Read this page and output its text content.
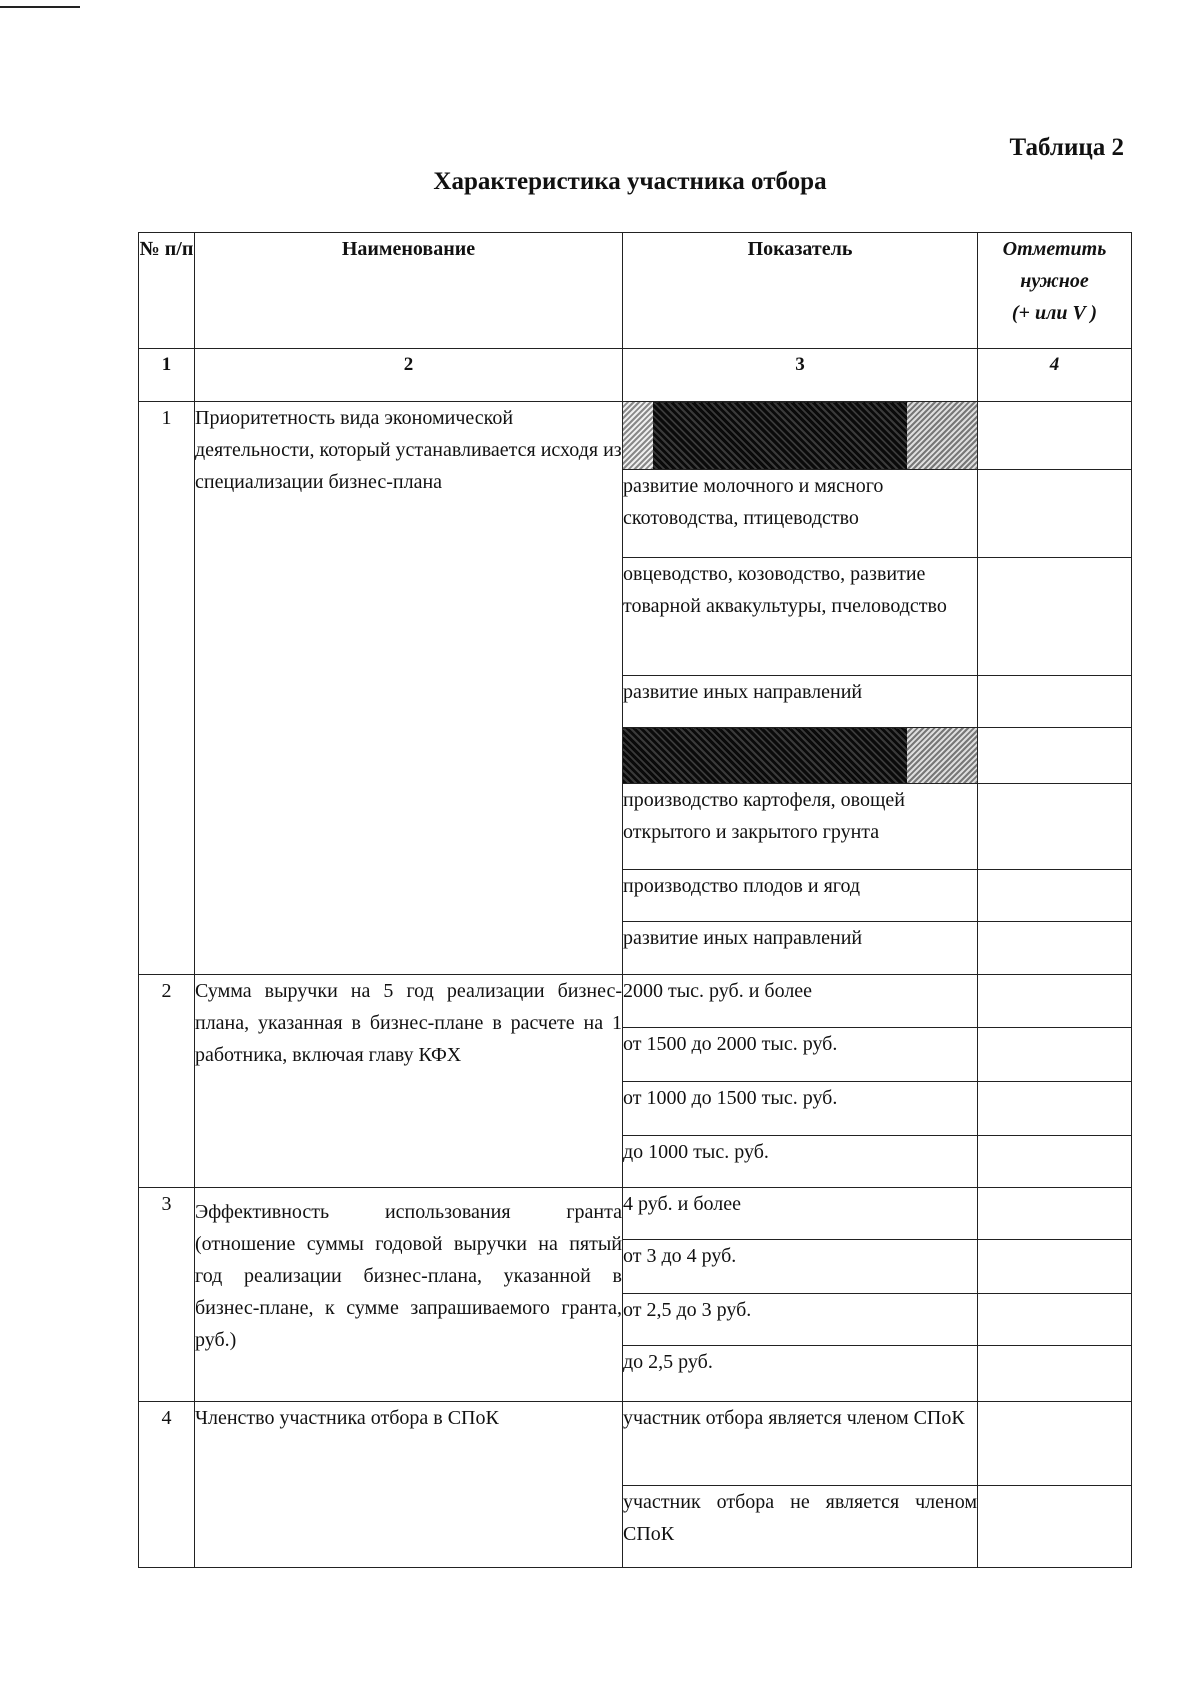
Таблица 2
Характеристика участника отбора
№ п/п	Наименование	Показатель	Отметить
нужное
(+ или V )

1	2	3	4
1	Приоритетность вида экономической деятельности, который устанавливается исходя из специализации бизнес-плана	

		развитие молочного и мясного скотоводства, птицеводство	
		овцеводство, козоводство, развитие товарной аквакультуры, пчеловодство	
		развитие иных направлений	

		производство картофеля, овощей открытого и закрытого грунта	
		производство плодов и ягод	
		развитие иных направлений	
2	Сумма выручки на 5 год реализации бизнес-плана, указанная в бизнес-плане в расчете на 1 работника, включая главу КФХ	2000 тыс. руб. и более	
		от 1500 до 2000 тыс. руб.	
		от 1000 до 1500 тыс. руб.	
		до 1000 тыс. руб.	
3	Эффективность использования гранта (отношение суммы годовой выручки на пятый год реализации бизнес-плана, указанной в бизнес-плане, к сумме запрашиваемого гранта, руб.)	4 руб. и более	
		от 3 до 4 руб.	
		от 2,5 до 3 руб.	
		до 2,5 руб.	
4	Членство участника отбора в СПоК	участник отбора является членом СПоК	
		участник отбора не является членом СПоК	
